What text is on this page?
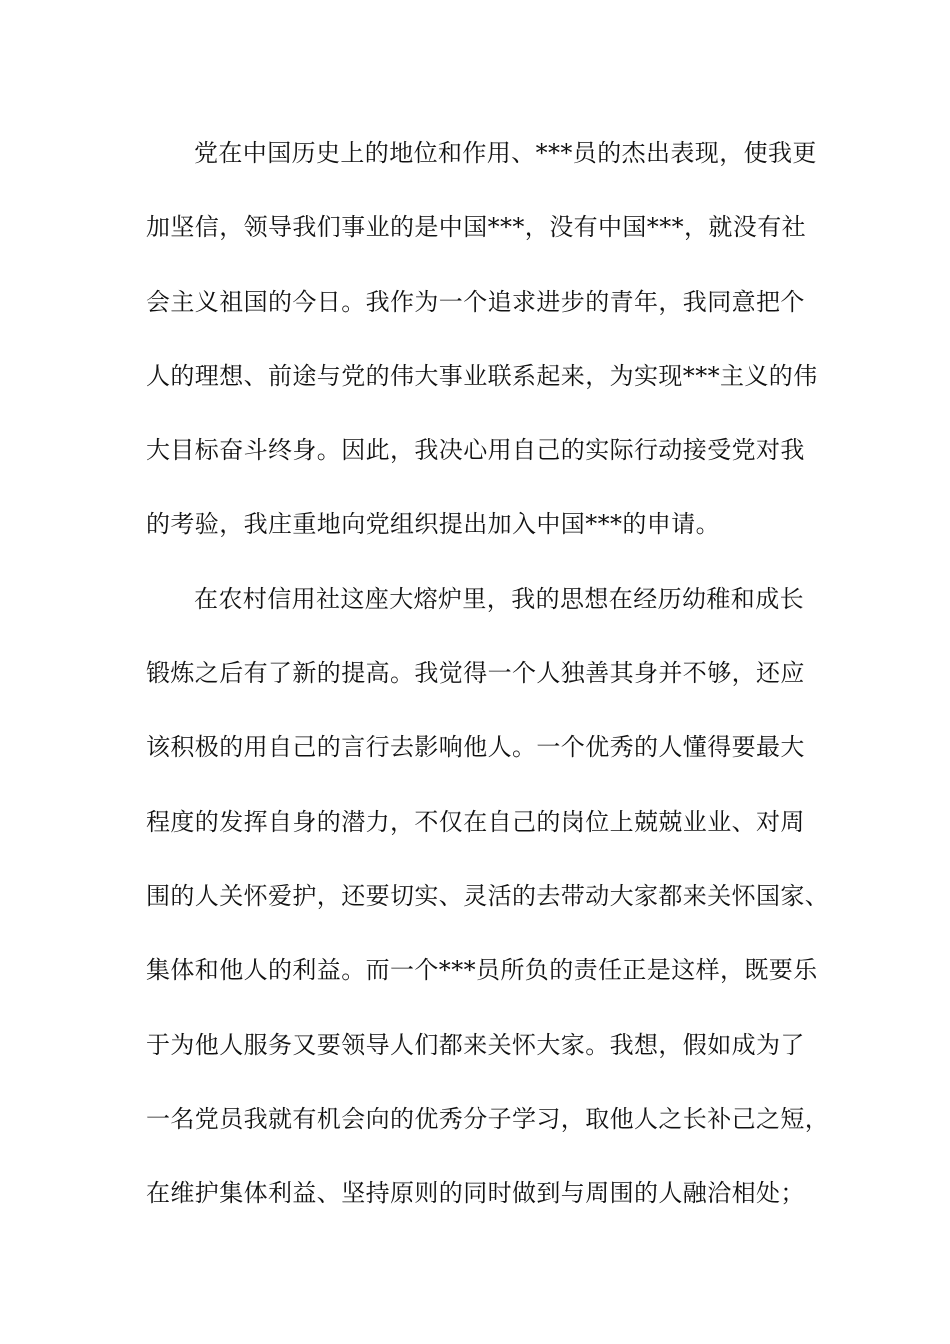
党在中国历史上的地位和作用、***员的杰出表现，使我更
加坚信，领导我们事业的是中国***，没有中国***，就没有社
会主义祖国的今日。我作为一个追求进步的青年，我同意把个
人的理想、前途与党的伟大事业联系起来，为实现***主义的伟
大目标奋斗终身。因此，我决心用自己的实际行动接受党对我
的考验，我庄重地向党组织提出加入中国***的申请。
在农村信用社这座大熔炉里，我的思想在经历幼稚和成长
锻炼之后有了新的提高。我觉得一个人独善其身并不够，还应
该积极的用自己的言行去影响他人。一个优秀的人懂得要最大
程度的发挥自身的潜力，不仅在自己的岗位上兢兢业业、对周
围的人关怀爱护，还要切实、灵活的去带动大家都来关怀国家、
集体和他人的利益。而一个***员所负的责任正是这样，既要乐
于为他人服务又要领导人们都来关怀大家。我想，假如成为了
一名党员我就有机会向的优秀分子学习，取他人之长补己之短，
在维护集体利益、坚持原则的同时做到与周围的人融洽相处；
